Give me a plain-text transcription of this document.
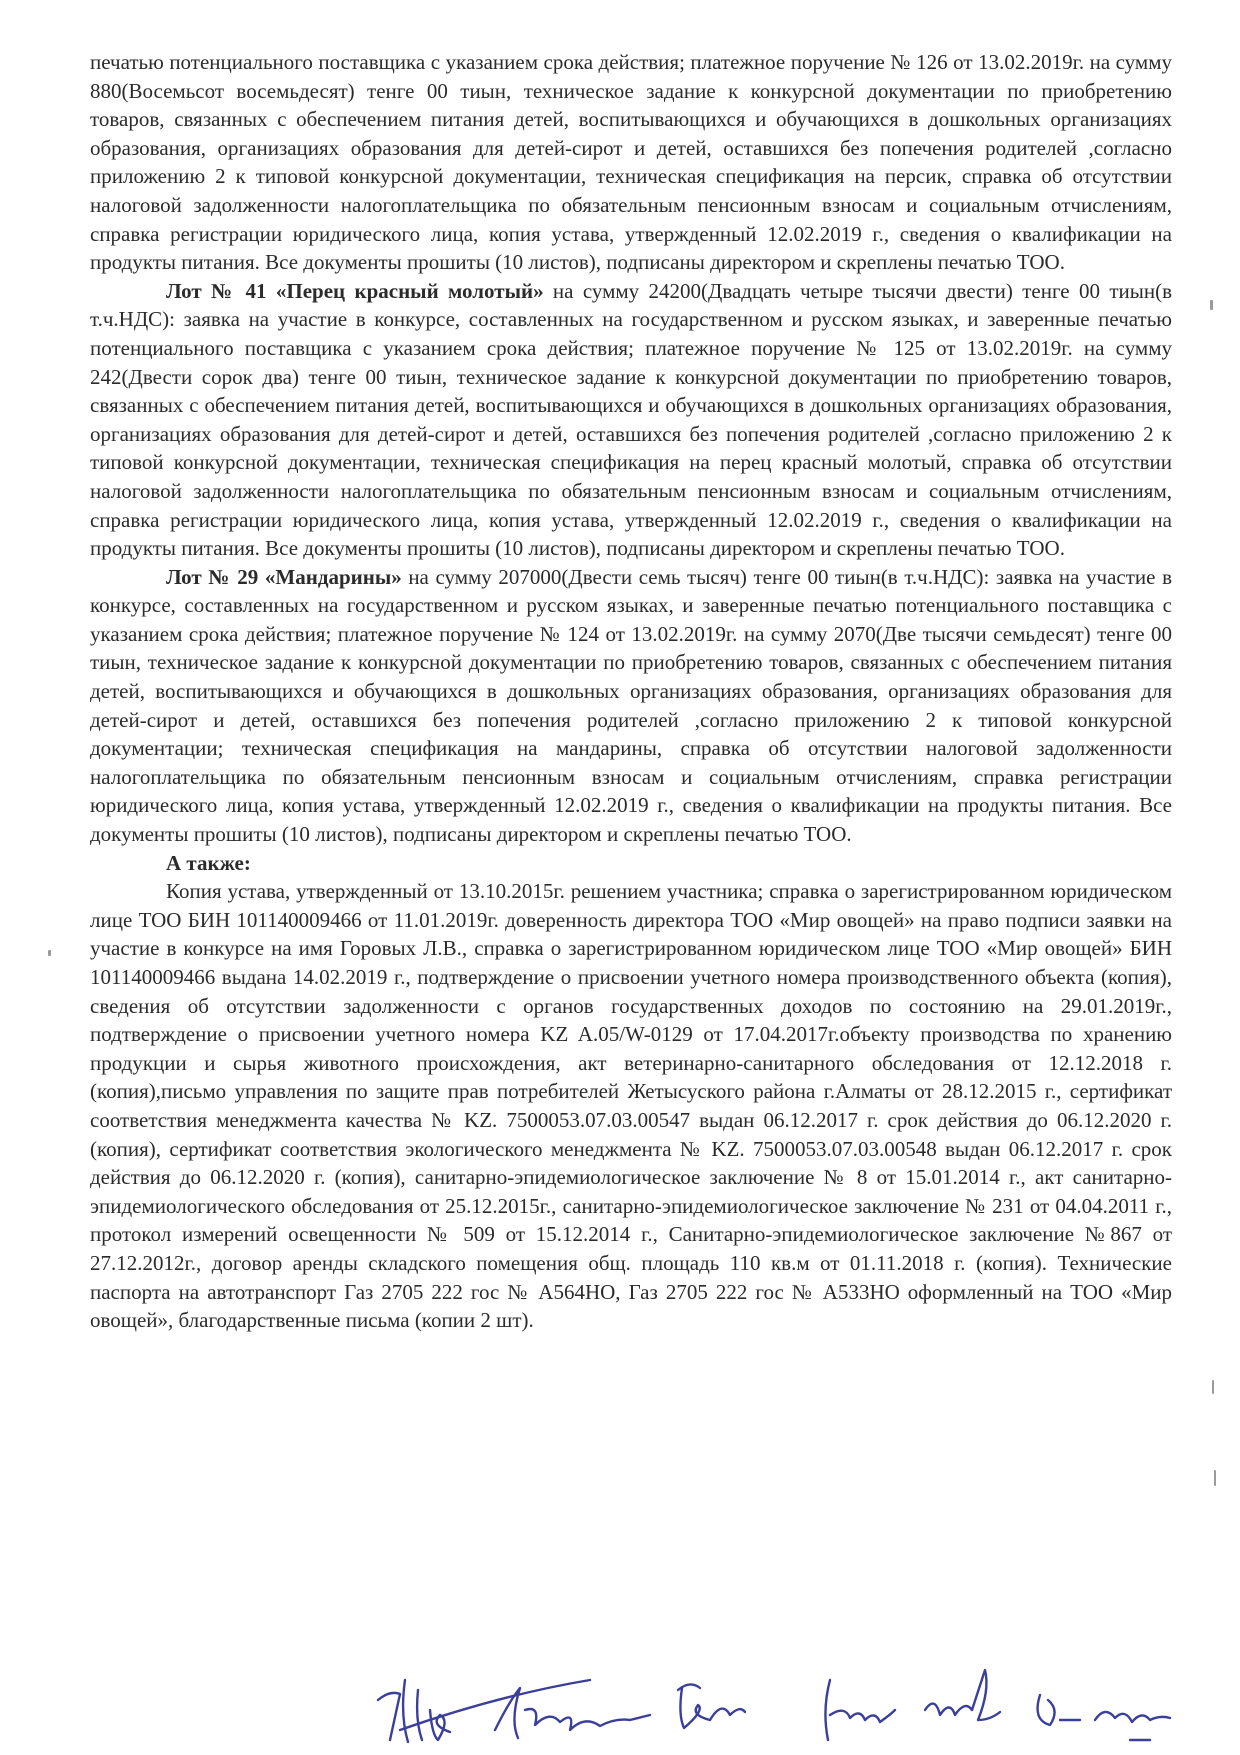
печатью потенциального поставщика с указанием срока действия; платежное поручение № 126 от 13.02.2019г. на сумму 880(Восемьсот восемьдесят) тенге 00 тиын, техническое задание к конкурсной документации по приобретению товаров, связанных с обеспечением питания детей, воспитывающихся и обучающихся в дошкольных организациях образования, организациях образования для детей-сирот и детей, оставшихся без попечения родителей ,согласно приложению 2 к типовой конкурсной документации, техническая спецификация на персик, справка об отсутствии налоговой задолженности налогоплательщика по обязательным пенсионным взносам и социальным отчислениям, справка регистрации юридического лица, копия устава, утвержденный 12.02.2019 г., сведения о квалификации на продукты питания. Все документы прошиты (10 листов), подписаны директором и скреплены печатью ТОО.

Лот № 41 «Перец красный молотый» на сумму 24200(Двадцать четыре тысячи двести) тенге 00 тиын(в т.ч.НДС): заявка на участие в конкурсе, составленных на государственном и русском языках, и заверенные печатью потенциального поставщика с указанием срока действия; платежное поручение № 125 от 13.02.2019г. на сумму 242(Двести сорок два) тенге 00 тиын, техническое задание к конкурсной документации по приобретению товаров, связанных с обеспечением питания детей, воспитывающихся и обучающихся в дошкольных организациях образования, организациях образования для детей-сирот и детей, оставшихся без попечения родителей ,согласно приложению 2 к типовой конкурсной документации, техническая спецификация на перец красный молотый, справка об отсутствии налоговой задолженности налогоплательщика по обязательным пенсионным взносам и социальным отчислениям, справка регистрации юридического лица, копия устава, утвержденный 12.02.2019 г., сведения о квалификации на продукты питания. Все документы прошиты (10 листов), подписаны директором и скреплены печатью ТОО.

Лот № 29 «Мандарины» на сумму 207000(Двести семь тысяч) тенге 00 тиын(в т.ч.НДС): заявка на участие в конкурсе, составленных на государственном и русском языках, и заверенные печатью потенциального поставщика с указанием срока действия; платежное поручение № 124 от 13.02.2019г. на сумму 2070(Две тысячи семьдесят) тенге 00 тиын, техническое задание к конкурсной документации по приобретению товаров, связанных с обеспечением питания детей, воспитывающихся и обучающихся в дошкольных организациях образования, организациях образования для детей-сирот и детей, оставшихся без попечения родителей ,согласно приложению 2 к типовой конкурсной документации; техническая спецификация на мандарины, справка об отсутствии налоговой задолженности налогоплательщика по обязательным пенсионным взносам и социальным отчислениям, справка регистрации юридического лица, копия устава, утвержденный 12.02.2019 г., сведения о квалификации на продукты питания. Все документы прошиты (10 листов), подписаны директором и скреплены печатью ТОО.

А также:

Копия устава, утвержденный от 13.10.2015г. решением участника; справка о зарегистрированном юридическом лице ТОО БИН 101140009466 от 11.01.2019г. доверенность директора ТОО «Мир овощей» на право подписи заявки на участие в конкурсе на имя Горовых Л.В., справка о зарегистрированном юридическом лице ТОО «Мир овощей» БИН 101140009466 выдана 14.02.2019 г., подтверждение о присвоении учетного номера производственного объекта (копия), сведения об отсутствии задолженности с органов государственных доходов по состоянию на 29.01.2019г., подтверждение о присвоении учетного номера KZ A.05/W-0129 от 17.04.2017г.объекту производства по хранению продукции и сырья животного происхождения, акт ветеринарно-санитарного обследования от 12.12.2018 г. (копия),письмо управления по защите прав потребителей Жетысуского района г.Алматы от 28.12.2015 г., сертификат соответствия менеджмента качества № KZ. 7500053.07.03.00547 выдан 06.12.2017 г. срок действия до 06.12.2020 г. (копия), сертификат соответствия экологического менеджмента № KZ. 7500053.07.03.00548 выдан 06.12.2017 г. срок действия до 06.12.2020 г. (копия), санитарно-эпидемиологическое заключение № 8 от 15.01.2014 г., акт санитарно-эпидемиологического обследования от 25.12.2015г., санитарно-эпидемиологическое заключение № 231 от 04.04.2011 г., протокол измерений освещенности № 509 от 15.12.2014 г., Санитарно-эпидемиологическое заключение №867 от 27.12.2012г., договор аренды складского помещения общ. площадь 110 кв.м от 01.11.2018 г. (копия). Технические паспорта на автотранспорт Газ 2705 222 гос № A564HO, Газ 2705 222 гос № A533HO оформленный на ТОО «Мир овощей», благодарственные письма (копии 2 шт).
